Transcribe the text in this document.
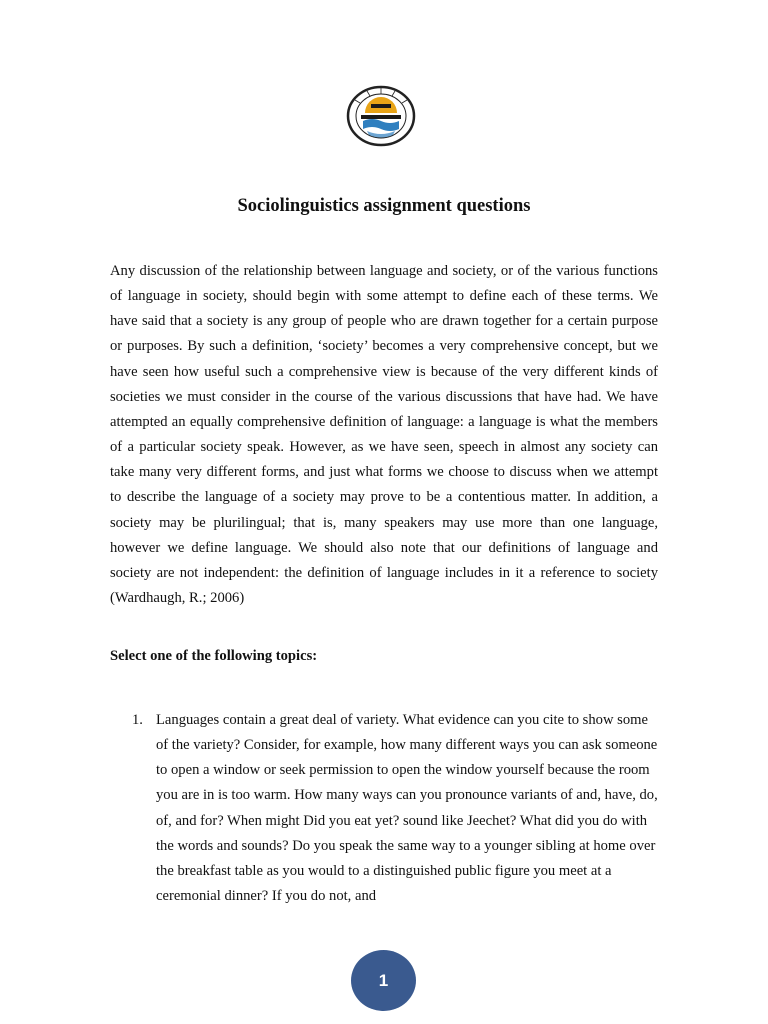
Sociolinguistics assignment questions

Any discussion of the relationship between language and society, or of the various functions of language in society, should begin with some attempt to define each of these terms. We have said that a society is any group of people who are drawn together for a certain purpose or purposes. By such a definition, ‘society’ becomes a very comprehensive concept, but we have seen how useful such a comprehensive view is because of the very different kinds of societies we must consider in the course of the various discussions that have had. We have attempted an equally comprehensive definition of language: a language is what the members of a particular society speak. However, as we have seen, speech in almost any society can take many very different forms, and just what forms we choose to discuss when we attempt to describe the language of a society may prove to be a contentious matter. In addition, a society may be plurilingual; that is, many speakers may use more than one language, however we define language. We should also note that our definitions of language and society are not independent: the definition of language includes in it a reference to society (Wardhaugh, R.; 2006)

Select one of the following topics:
1. Languages contain a great deal of variety. What evidence can you cite to show some of the variety? Consider, for example, how many different ways you can ask someone to open a window or seek permission to open the window yourself because the room you are in is too warm. How many ways can you pronounce variants of and, have, do, of, and for? When might Did you eat yet? sound like Jeechet? What did you do with the words and sounds? Do you speak the same way to a younger sibling at home over the breakfast table as you would to a distinguished public figure you meet at a ceremonial dinner? If you do not, and
1
